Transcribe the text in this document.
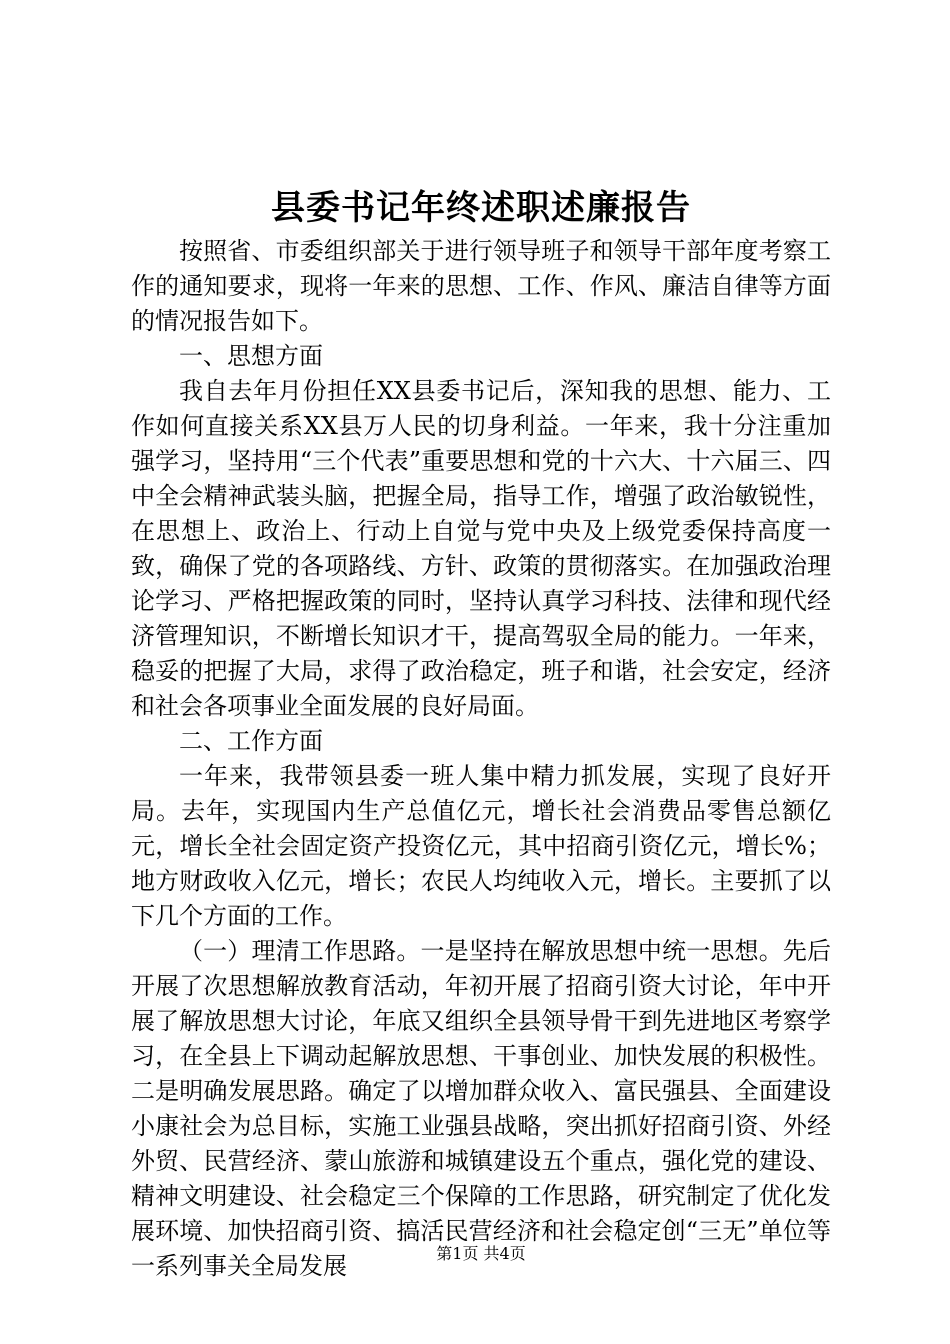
县委书记年终述职述廉报告

按照省、市委组织部关于进行领导班子和领导干部年度考察工作的通知要求，现将一年来的思想、工作、作风、廉洁自律等方面的情况报告如下。

一、思想方面

我自去年月份担任XX县委书记后，深知我的思想、能力、工作如何直接关系XX县万人民的切身利益。一年来，我十分注重加强学习，坚持用“三个代表”重要思想和党的十六大、十六届三、四中全会精神武装头脑，把握全局，指导工作，增强了政治敏锐性，在思想上、政治上、行动上自觉与党中央及上级党委保持高度一致，确保了党的各项路线、方针、政策的贯彻落实。在加强政治理论学习、严格把握政策的同时，坚持认真学习科技、法律和现代经济管理知识，不断增长知识才干，提高驾驭全局的能力。一年来，稳妥的把握了大局，求得了政治稳定，班子和谐，社会安定，经济和社会各项事业全面发展的良好局面。

二、工作方面

一年来，我带领县委一班人集中精力抓发展，实现了良好开局。去年，实现国内生产总值亿元，增长社会消费品零售总额亿元，增长全社会固定资产投资亿元，其中招商引资亿元，增长%；地方财政收入亿元，增长；农民人均纯收入元，增长。主要抓了以下几个方面的工作。

（一）理清工作思路。一是坚持在解放思想中统一思想。先后开展了次思想解放教育活动，年初开展了招商引资大讨论，年中开展了解放思想大讨论，年底又组织全县领导骨干到先进地区考察学习，在全县上下调动起解放思想、干事创业、加快发展的积极性。二是明确发展思路。确定了以增加群众收入、富民强县、全面建设小康社会为总目标，实施工业强县战略，突出抓好招商引资、外经外贸、民营经济、蒙山旅游和城镇建设五个重点，强化党的建设、精神文明建设、社会稳定三个保障的工作思路，研究制定了优化发展环境、加快招商引资、搞活民营经济和社会稳定创“三无”单位等一系列事关全局发展	第1页 共4页
